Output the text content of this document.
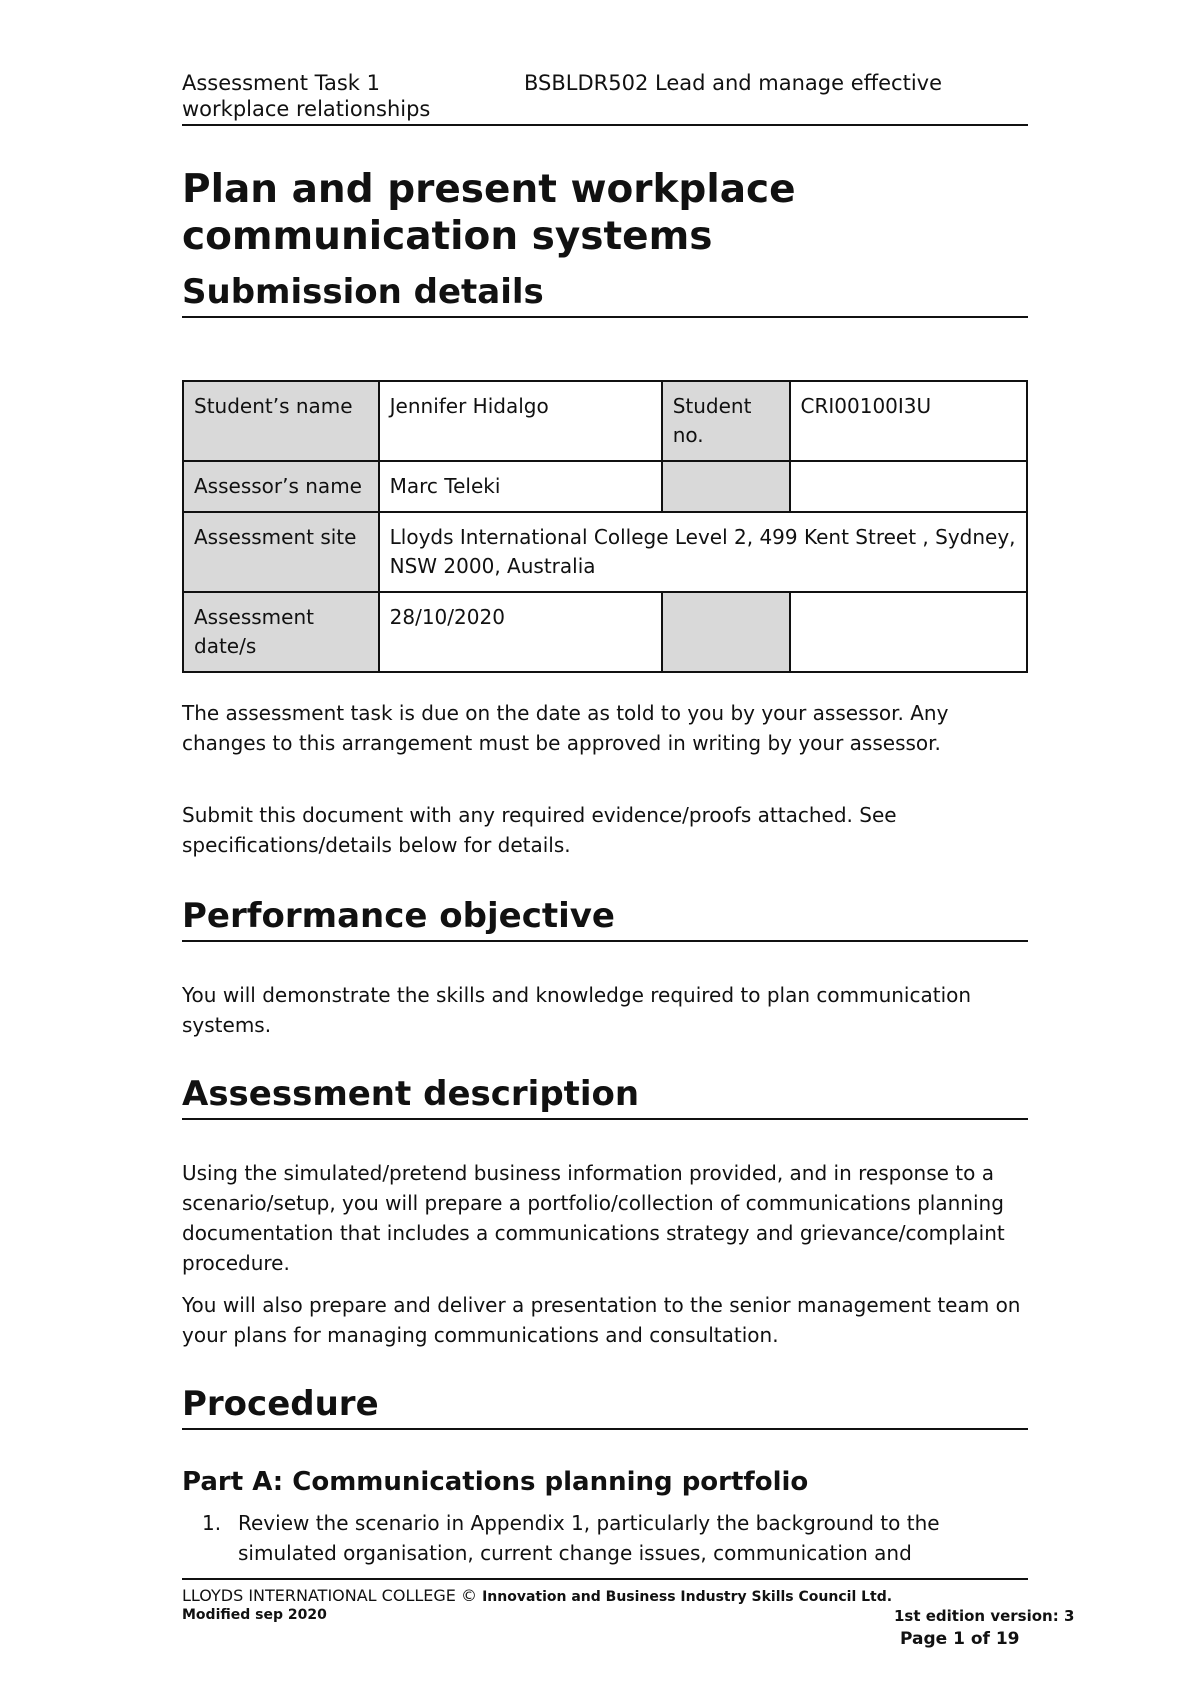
Assessment Task 1	BSBLDR502 Lead and manage effective
workplace relationships
Plan and present workplace
communication systems
Submission details
Student’s name	Jennifer Hidalgo	Student no.	CRI00100I3U
Assessor’s name	Marc Teleki		
Assessment site	Lloyds International College Level 2, 499 Kent Street , Sydney, NSW 2000, Australia		
Assessment date/s	28/10/2020		

The assessment task is due on the date as told to you by your assessor. Any changes to this arrangement must be approved in writing by your assessor.

Submit this document with any required evidence/proofs attached. See specifications/details below for details.

Performance objective

You will demonstrate the skills and knowledge required to plan communication systems.

Assessment description

Using the simulated/pretend business information provided, and in response to a scenario/setup, you will prepare a portfolio/collection of communications planning documentation that includes a communications strategy and grievance/complaint procedure.

You will also prepare and deliver a presentation to the senior management team on your plans for managing communications and consultation.

Procedure
Part A: Communications planning portfolio
1. Review the scenario in Appendix 1, particularly the background to the simulated organisation, current change issues, communication and
LLOYDS INTERNATIONAL COLLEGE © Innovation and Business Industry Skills Council Ltd.
Modified sep 2020	1st edition version: 3
Page 1 of 19
